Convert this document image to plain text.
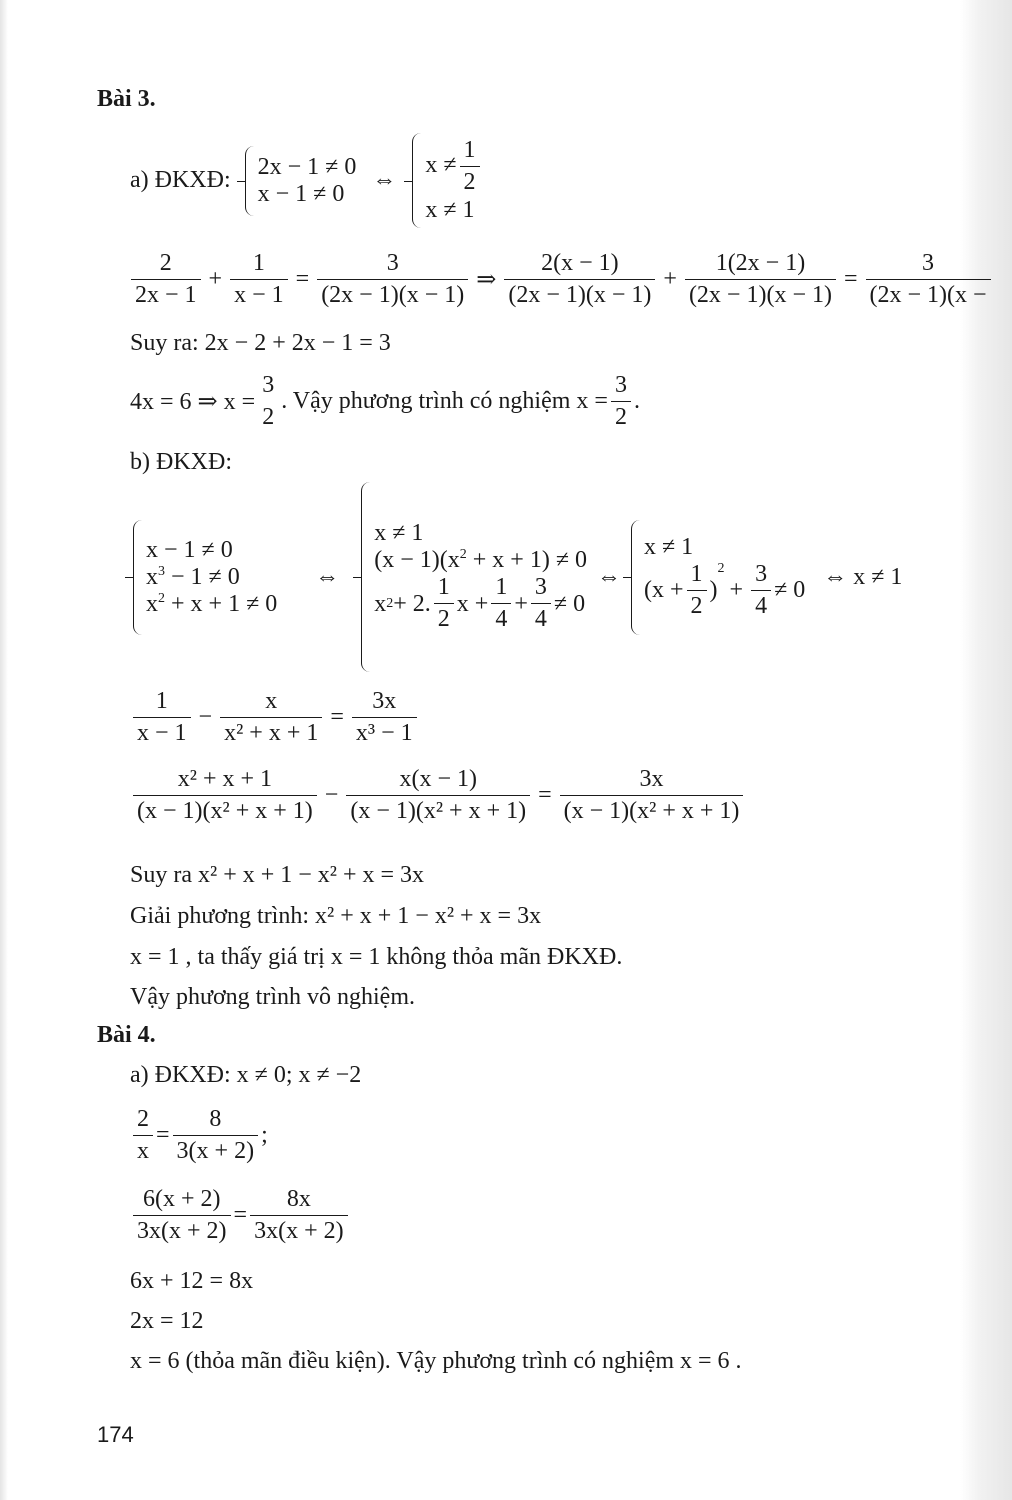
Bài 3.
a) ĐKXĐ:
2x − 1 ≠ 0
x − 1 ≠ 0
⇔
$x \ne \frac{1}{2}$
x ≠ 1
$\frac{2}{2x - 1} + \frac{1}{x - 1} = \frac{3}{(2x - 1)(x - 1)}$ ⇒ $\frac{2(x - 1)}{(2x - 1)(x - 1)} + \frac{1(2x - 1)}{(2x - 1)(x - 1)} = \frac{3}{(2x - 1)(x -}$
Suy ra: 2x − 2 + 2x − 1 = 3
4x = 6 ⇒ x =
3
2
. Vậy phương trình có nghiệm $x = \frac{3}{2}$ .
b) ĐKXĐ:
x − 1 ≠ 0
$x^3 - 1 \ne 0$
$x^2 + x + 1 \ne 0$
⇔
x ≠ 1
$(x - 1)(x^2 + x + 1) \ne 0$
x 2 + 2. $\frac{1}{2}$ $x + \frac{1}{4} + \frac{3}{4} \ne 0$
⇔
x ≠ 1
($x + \frac{1}{2}$ )
2
+ $\frac{3}{4} \ne 0$
⇔ x ≠ 1
$\frac{1}{x - 1} - \frac{x}{\text{x² + x + 1}} = \frac{3x}{\text{x³ − 1}}$
$\frac{\text{x² + x + 1}}{\text{(x − 1)(x² + x + 1)}} - \frac{x(x - 1)}{\text{(x − 1)(x² + x + 1)}} = \frac{3x}{\text{(x − 1)(x² + x + 1)}}$
Suy ra x² + x + 1 − x² + x = 3x
Giải phương trình: x² + x + 1 − x² + x = 3x
x = 1 , ta thấy giá trị x = 1 không thỏa mãn ĐKXĐ.
Vậy phương trình vô nghiệm.
Bài 4.
a) ĐKXĐ: x ≠ 0; x ≠ −2
$\frac{2}{x} = \frac{8}{3(x + 2)}$ ;
$\frac{6(x + 2)}{3x(x + 2)} = \frac{8x}{3x(x + 2)}$
6x + 12 = 8x
2x = 12
x = 6 (thỏa mãn điều kiện). Vậy phương trình có nghiệm x = 6 .
174
